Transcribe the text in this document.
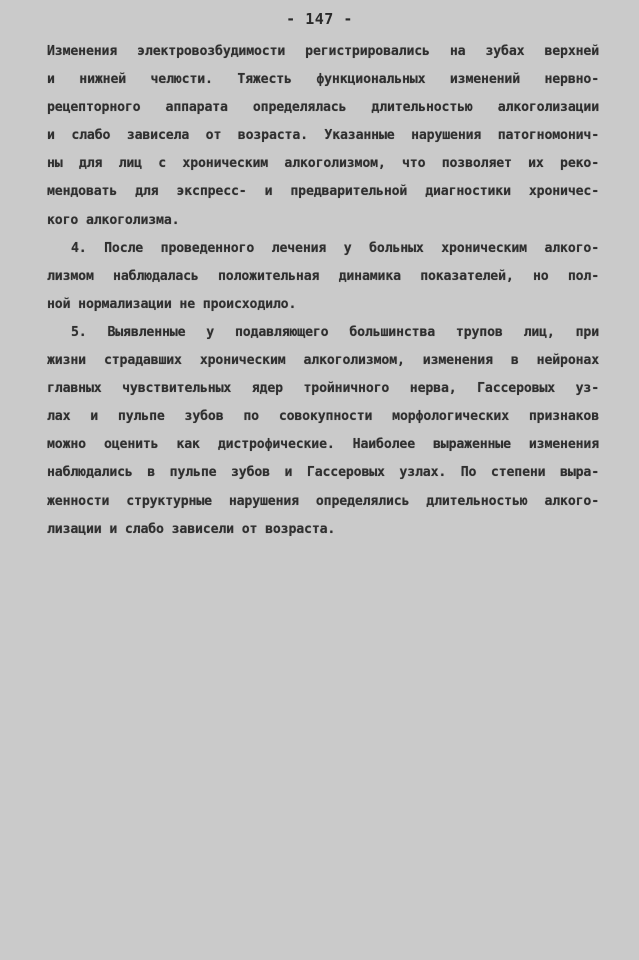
- 147 -
Изменения электровозбудимости регистрировались на зубах верхней
и нижней челюсти. Тяжесть функциональных изменений нервно-
рецепторного аппарата определялась длительностью алкоголизации
и слабо зависела от возраста. Указанные нарушения патогномонич-
ны для лиц с хроническим алкоголизмом, что позволяет их реко-
мендовать для экспресс- и предварительной диагностики хроничес-
кого алкоголизма.
4. После проведенного лечения у больных хроническим алкого-
лизмом наблюдалась положительная динамика показателей, но пол-
ной нормализации не происходило.
5. Выявленные у подавляющего большинства трупов лиц, при
жизни страдавших хроническим алкоголизмом, изменения в нейронах
главных чувствительных ядер тройничного нерва, Гассеровых уз-
лах и пульпе зубов по совокупности морфологических признаков
можно оценить как дистрофические. Наиболее выраженные изменения
наблюдались в пульпе зубов и Гассеровых узлах. По степени выра-
женности структурные нарушения определялись длительностью алкого-
лизации и слабо зависели от возраста.
